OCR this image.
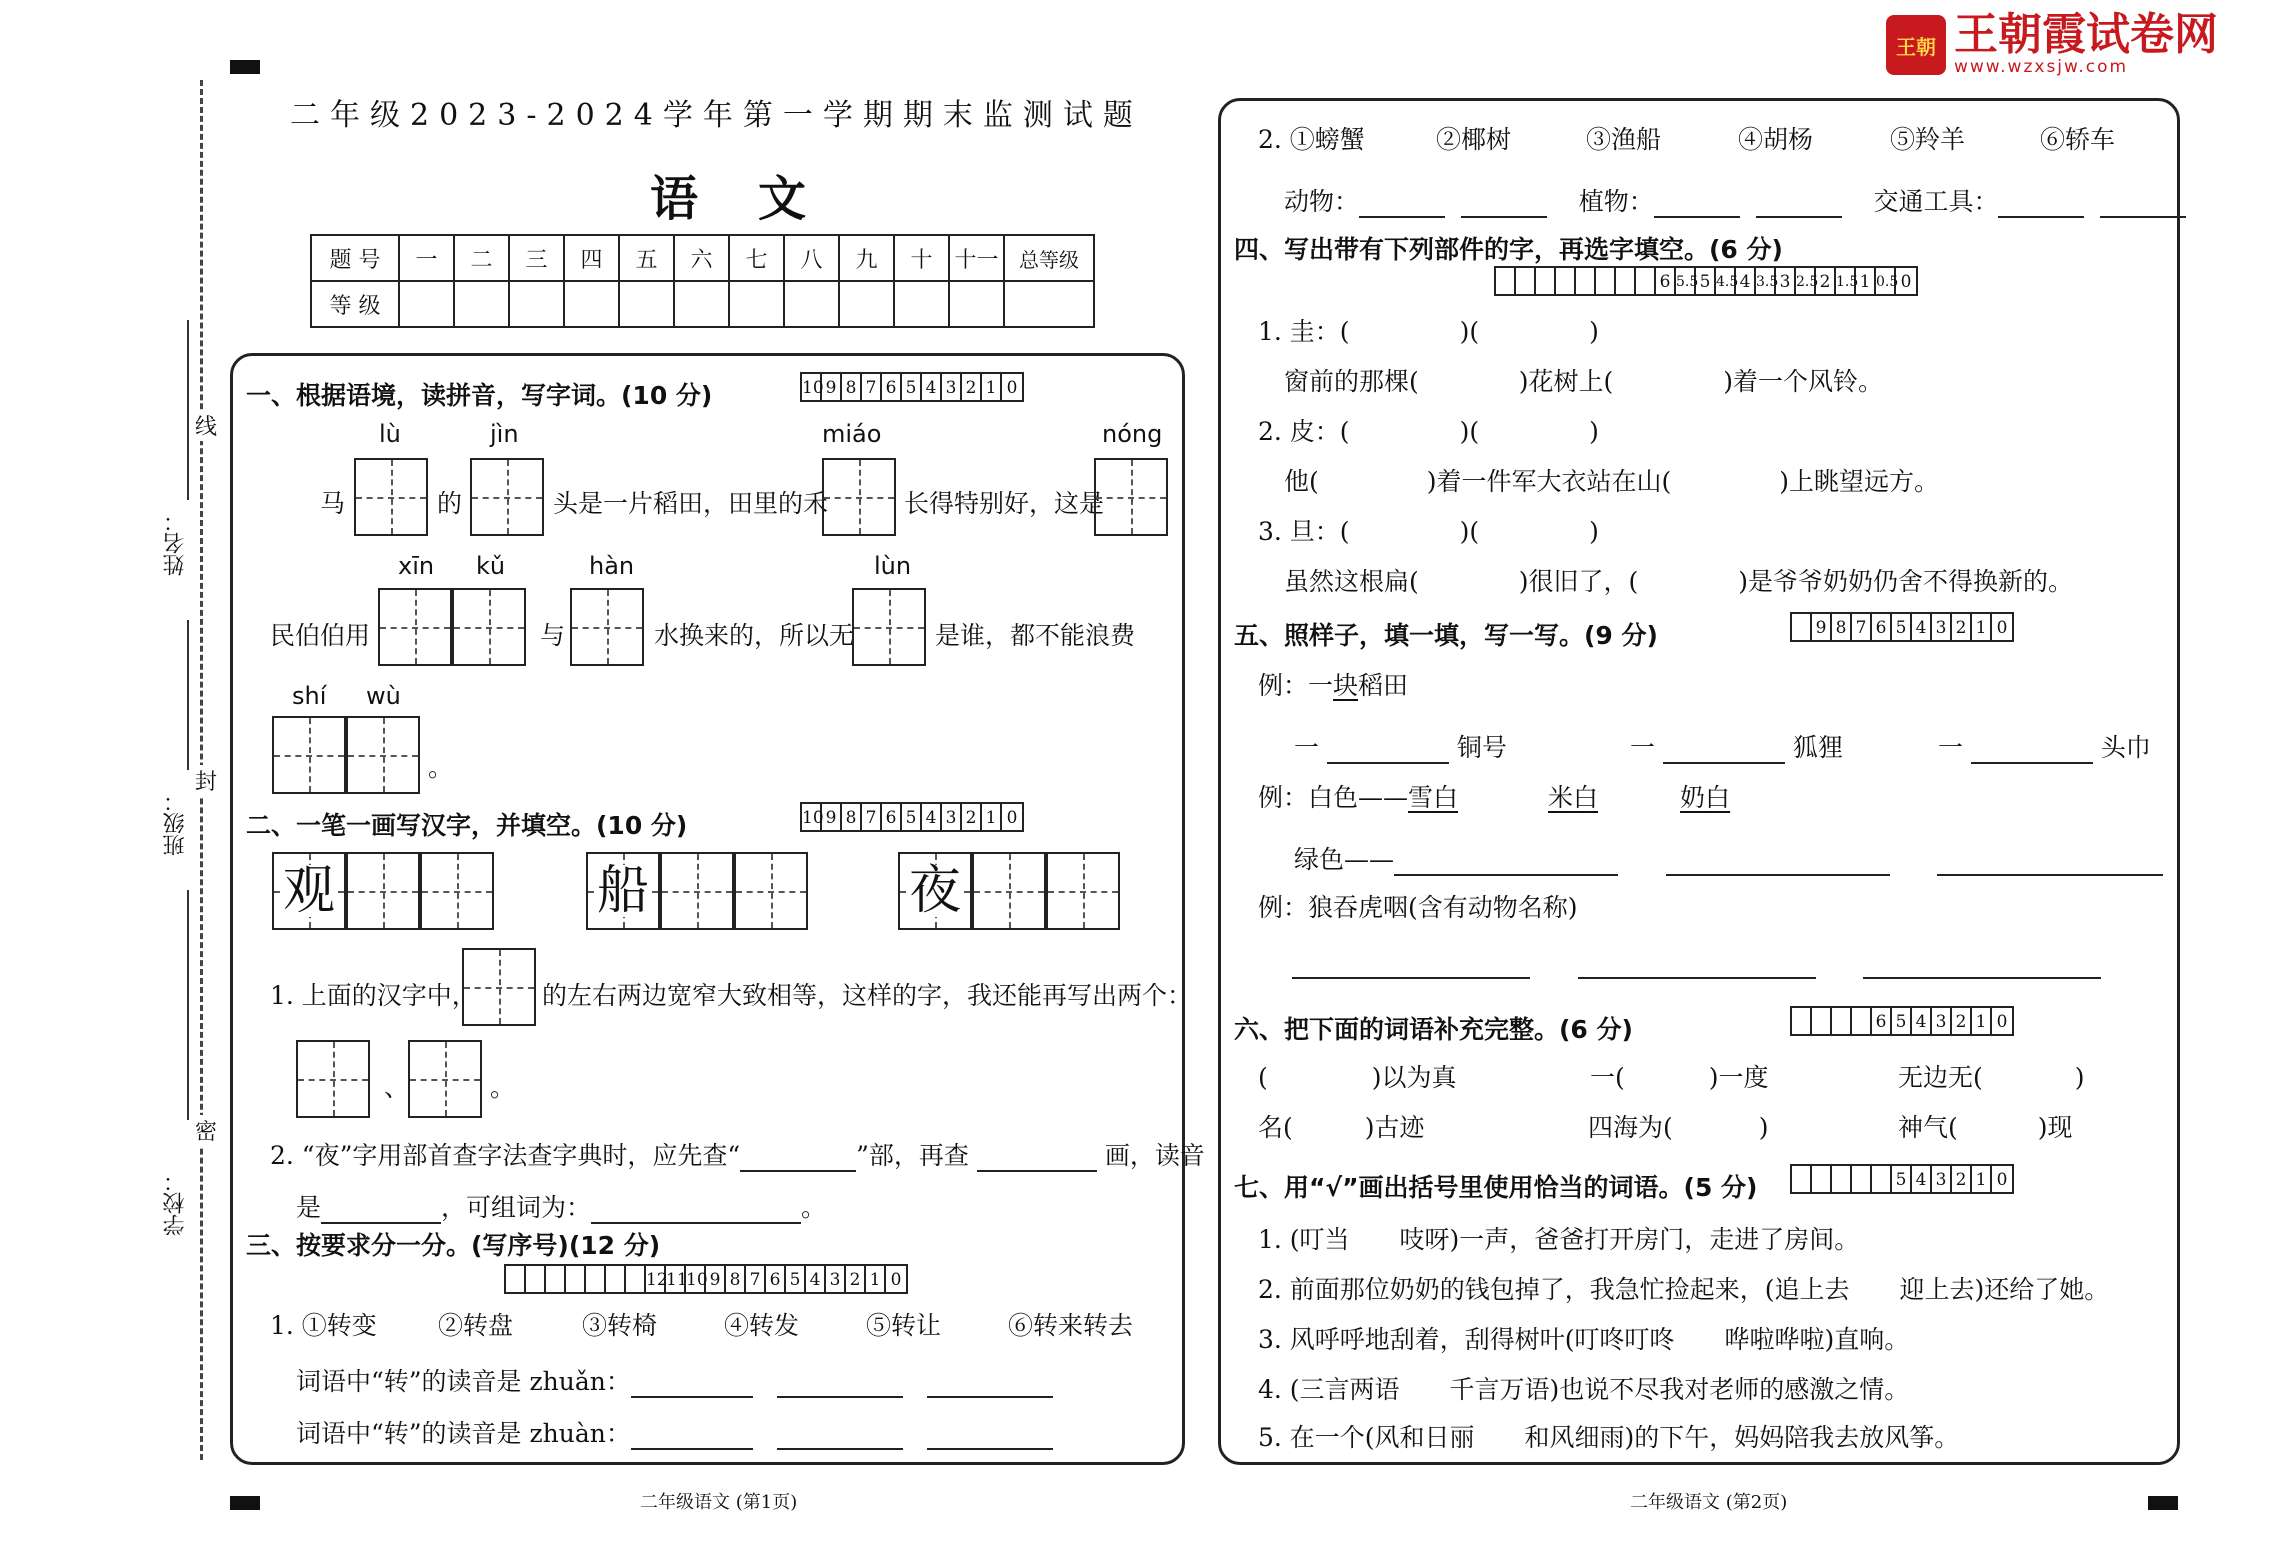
王朝 王朝霞试卷网
www.wzxsjw.com
姓名：
班级：
学校：
线
封
密
二年级2023-2024学年第一学期期末监测试题
语文
题 号	一	二	三	四	五	六	七	八	九	十	十一	总等级
等 级												
一、根据语境，读拼音，写字词。(10 分)	10 9 8 7 6 5 4 3 2 1 0
lù	jìn	miáo	nóng
马	的	头是一片稻田，田里的禾	长得特别好，这是
xīn kǔ	hàn	lùn
民伯伯用	与	水换来的，所以无	是谁，都不能浪费
shí wù
。
二、一笔一画写汉字，并填空。(10 分)	10 9 8 7 6 5 4 3 2 1 0
观	船	夜
1. 上面的汉字中，	的左右两边宽窄大致相等，这样的字，我还能再写出两个：
、	。
2. “夜”字用部首查字法查字典时，应先查“	”部，再查	画，读音
是	，可组词为：	。
三、按要求分一分。(写序号)(12 分)
12
11
10 9 8 7 6 5 4 3 2 1 0
1. ①转变 ②转盘	③转椅	④转发	⑤转让	⑥转来转去
词语中“转”的读音是 zhuǎn：
词语中“转”的读音是 zhuàn：
二年级语文 (第1页)
2. ①螃蟹	②椰树	③渔船	④胡杨	⑤羚羊	⑥轿车
动物：	植物：	交通工具：
四、写出带有下列部件的字，再选字填空。(6 分)
6 5.5 5 4.5 4 3.5 3 2.5 2 1.5 1 0.5 0
1. 圭：(	)(	)
窗前的那棵(	)花树上(	)着一个风铃。
2. 皮：(	)(	)
他(	)着一件军大衣站在山(	)上眺望远方。
3. 旦：(	)(	)
虽然这根扁(	)很旧了，(	)是爷爷奶奶仍舍不得换新的。
五、照样子，填一填，写一写。(9 分)	9 8 7 6 5 4 3 2 1 0
例：一块稻田
一	铜号	一	狐狸	一	头巾
例：白色——雪白	米白	奶白
绿色——
例：狼吞虎咽(含有动物名称)

六、把下面的词语补充完整。(6 分)	6 5 4 3 2 1 0
(	)以为真	一(	)一度	无边无(	)
名(	)古迹	四海为(	)	神气(	)现
七、用“√”画出括号里使用恰当的词语。(5 分)	5 4 3 2 1 0
1. (叮当　　吱呀)一声，爸爸打开房门，走进了房间。
2. 前面那位奶奶的钱包掉了，我急忙捡起来，(追上去　　迎上去)还给了她。
3. 风呼呼地刮着，刮得树叶(叮咚叮咚　　哗啦哗啦)直响。
4. (三言两语　　千言万语)也说不尽我对老师的感激之情。
5. 在一个(风和日丽　　和风细雨)的下午，妈妈陪我去放风筝。
二年级语文 (第2页)
